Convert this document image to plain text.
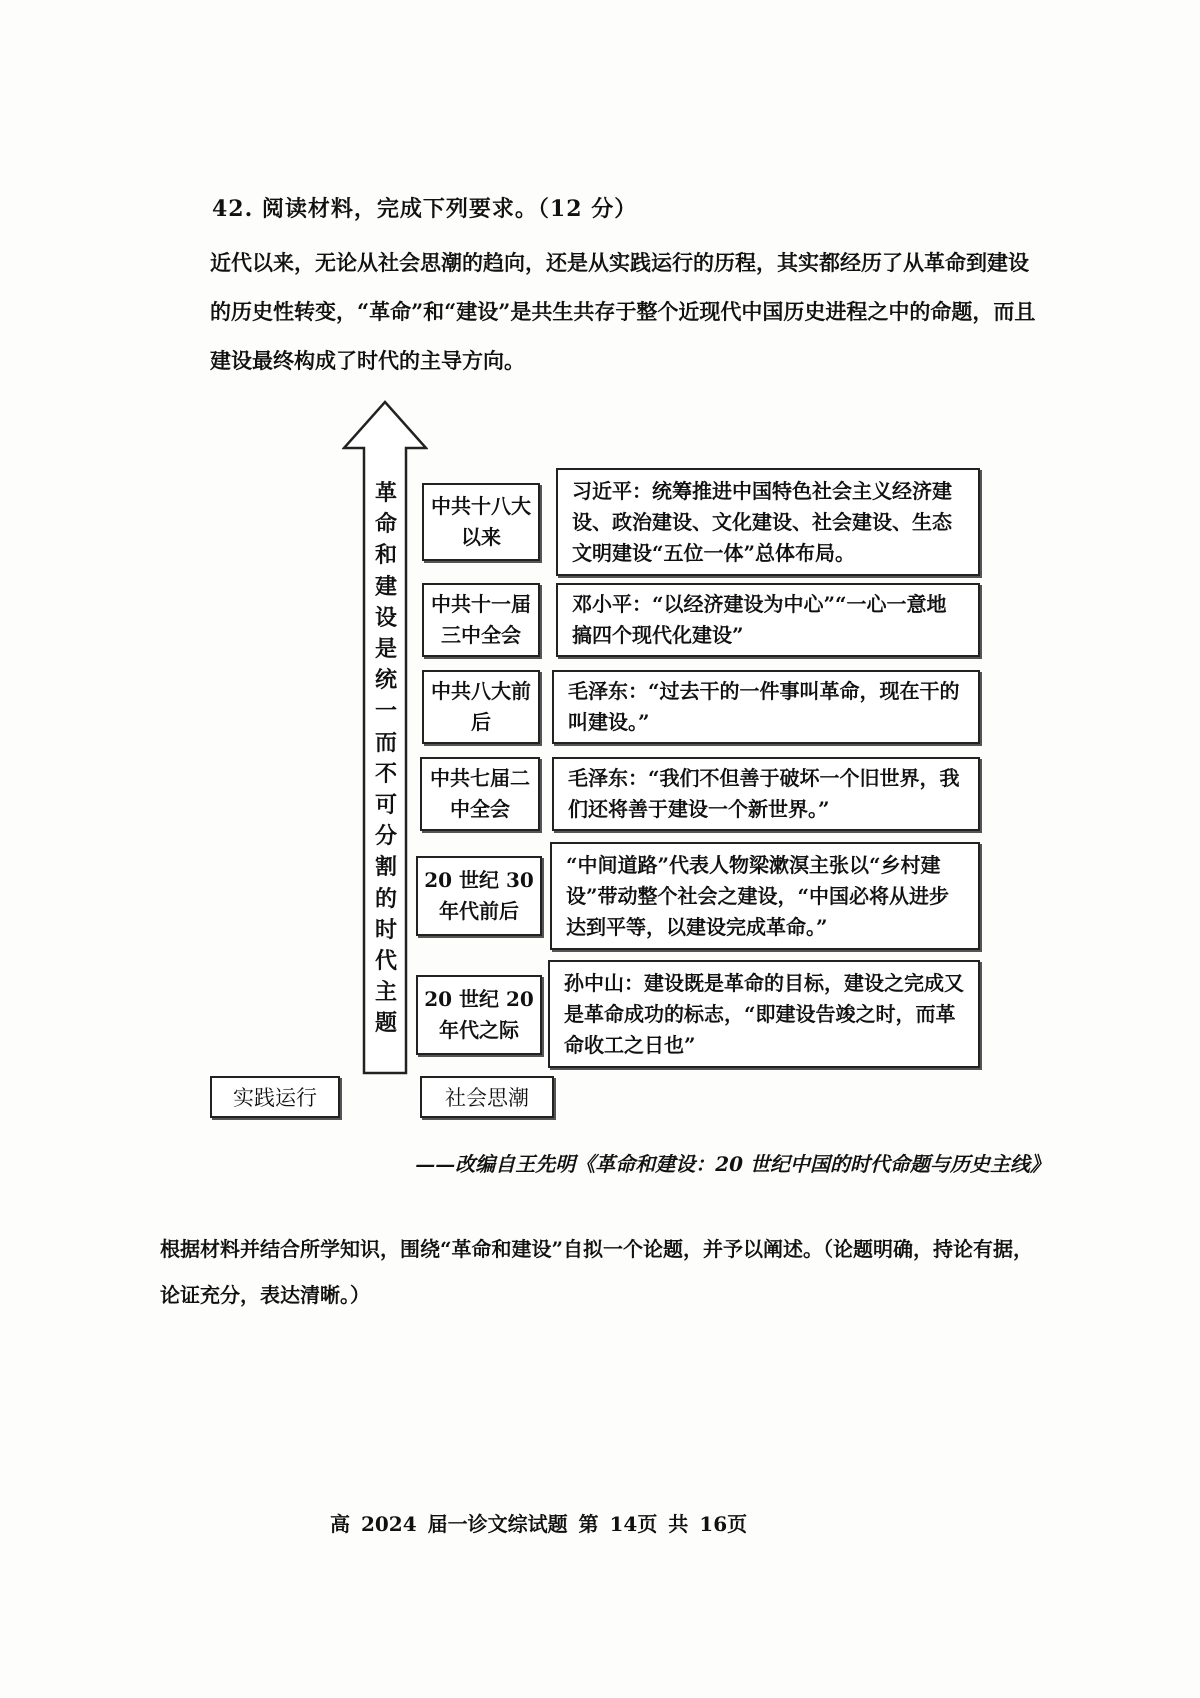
42. 阅读材料，完成下列要求。（12 分）
近代以来，无论从社会思潮的趋向，还是从实践运行的历程，其实都经历了从革命到建设的历史性转变，“革命”和“建设”是共生共存于整个近现代中国历史进程之中的命题，而且建设最终构成了时代的主导方向。
革命和建设是统一而不可分割的时代主题
中共十八大以来
习近平：统筹推进中国特色社会主义经济建设、政治建设、文化建设、社会建设、生态文明建设“五位一体”总体布局。
中共十一届三中全会
邓小平：“以经济建设为中心”“一心一意地搞四个现代化建设”
中共八大前后
毛泽东：“过去干的一件事叫革命，现在干的叫建设。”
中共七届二中全会
毛泽东：“我们不但善于破坏一个旧世界，我们还将善于建设一个新世界。”
20 世纪 30 年代前后
“中间道路”代表人物梁漱溟主张以“乡村建设”带动整个社会之建设，“中国必将从进步达到平等，以建设完成革命。”
20 世纪 20 年代之际
孙中山：建设既是革命的目标，建设之完成又是革命成功的标志，“即建设告竣之时，而革命收工之日也”
实践运行	社会思潮
——改编自王先明《革命和建设：20 世纪中国的时代命题与历史主线》
根据材料并结合所学知识，围绕“革命和建设”自拟一个论题，并予以阐述。（论题明确，持论有据，论证充分，表达清晰。）
高 2024 届一诊文综试题 第 14页 共 16页
